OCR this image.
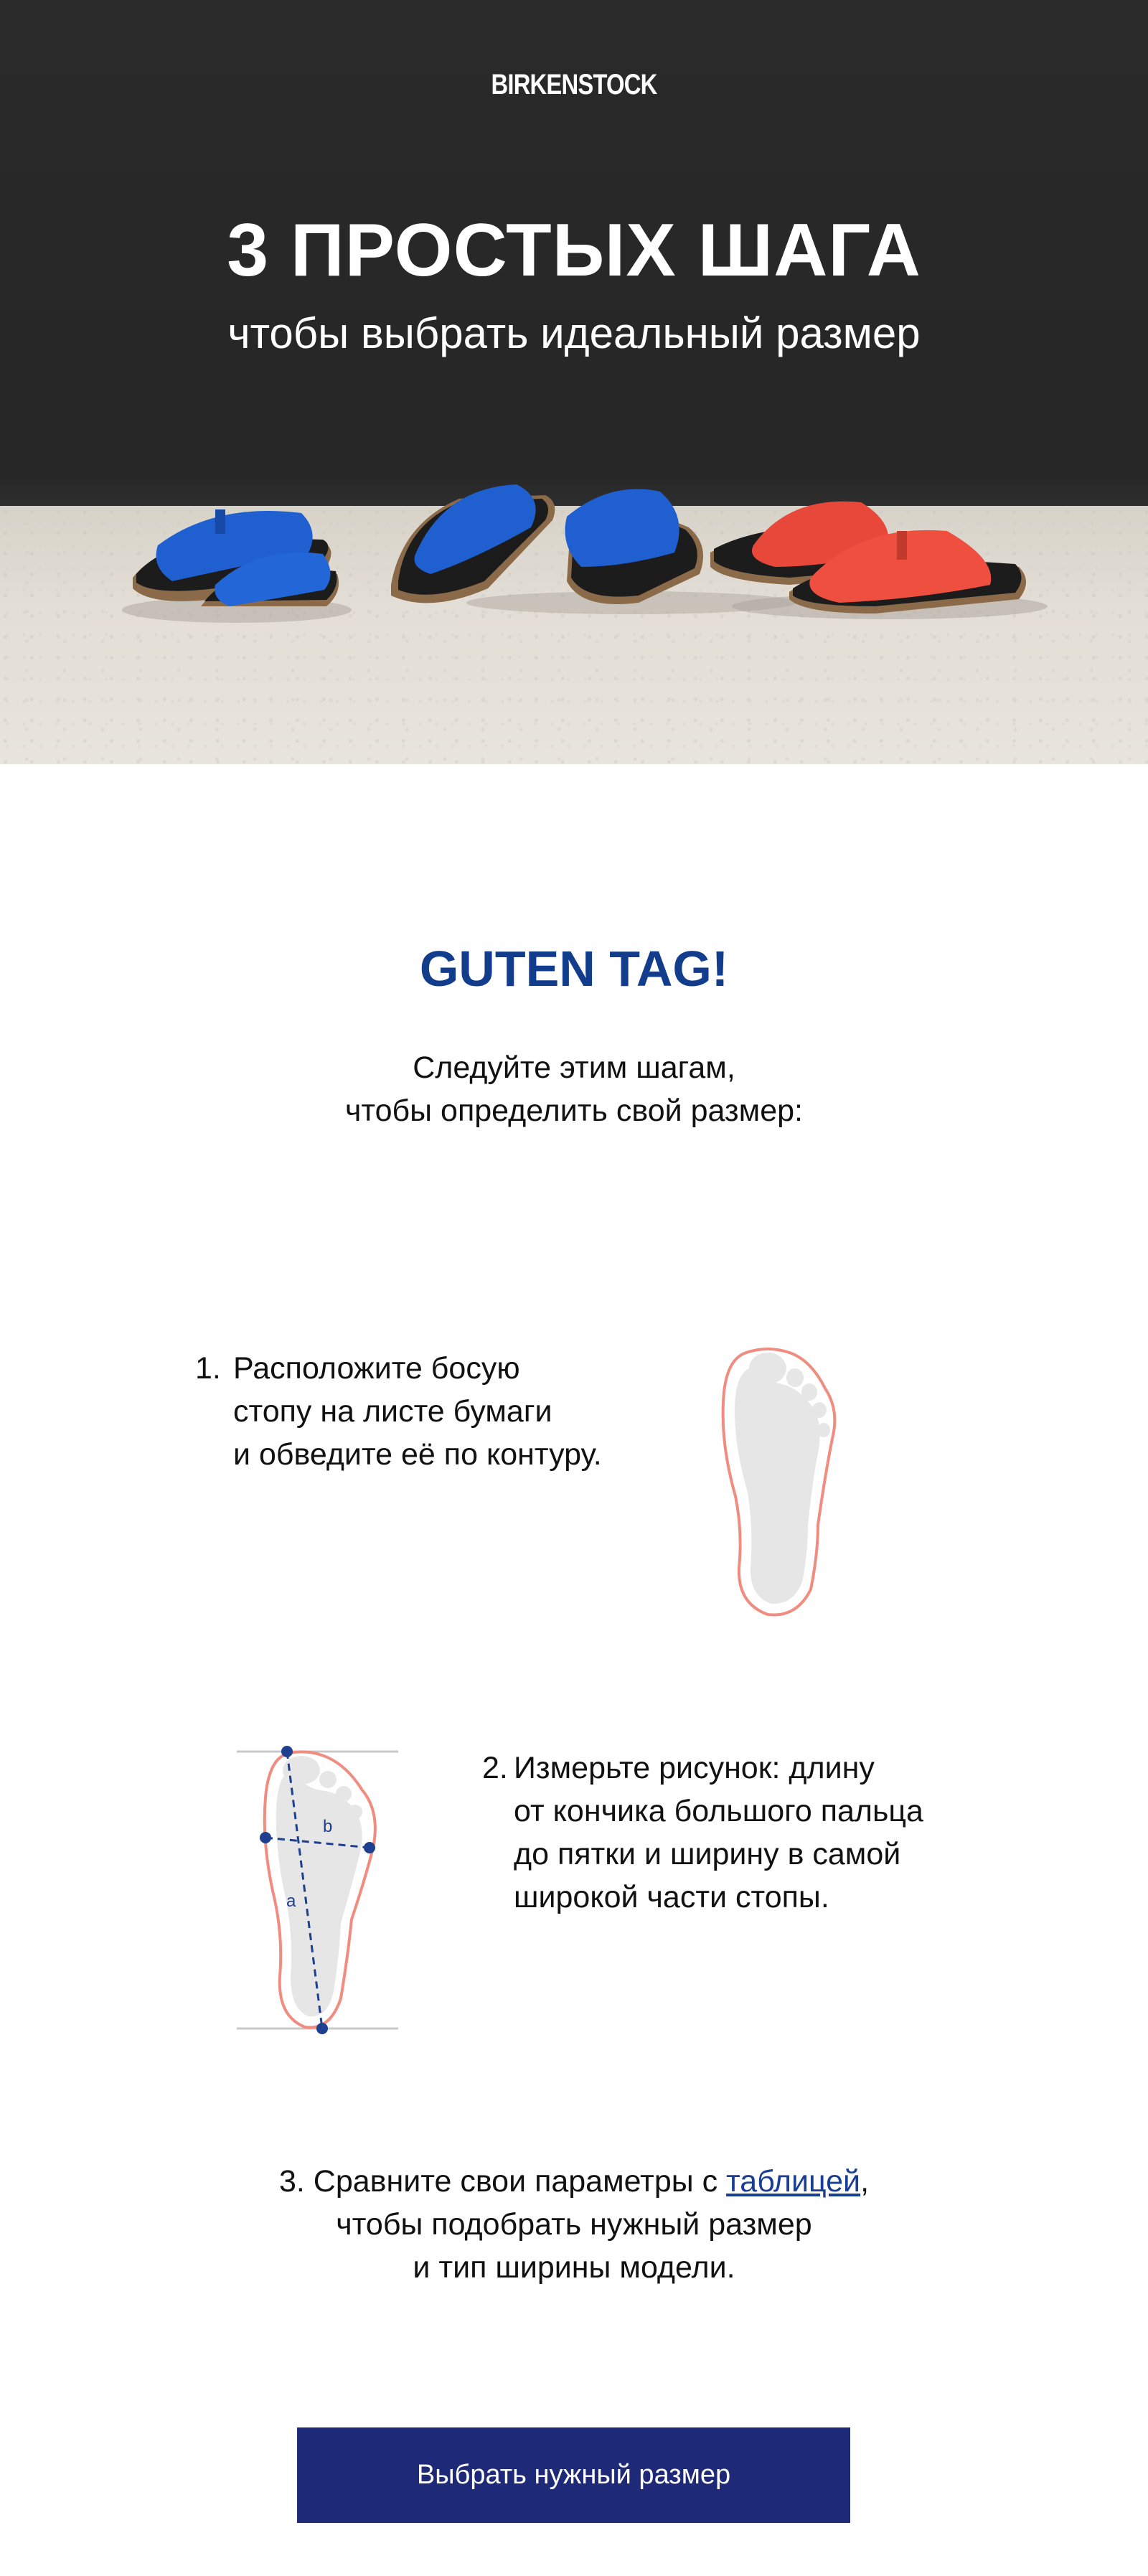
BIRKENSTOCK
3 ПРОСТЫХ ШАГА

чтобы выбрать идеальный размер

GUTEN TAG!
Следуйте этим шагам,
чтобы определить свой размер:
1. Расположите босую
стопу на листе бумаги
и обведите её по контуру.
b
a
2. Измерьте рисунок: длину
от кончика большого пальца
до пятки и ширину в самой
широкой части стопы.
3. Сравните свои параметры с таблицей,
чтобы подобрать нужный размер
и тип ширины модели.
Выбрать нужный размер
